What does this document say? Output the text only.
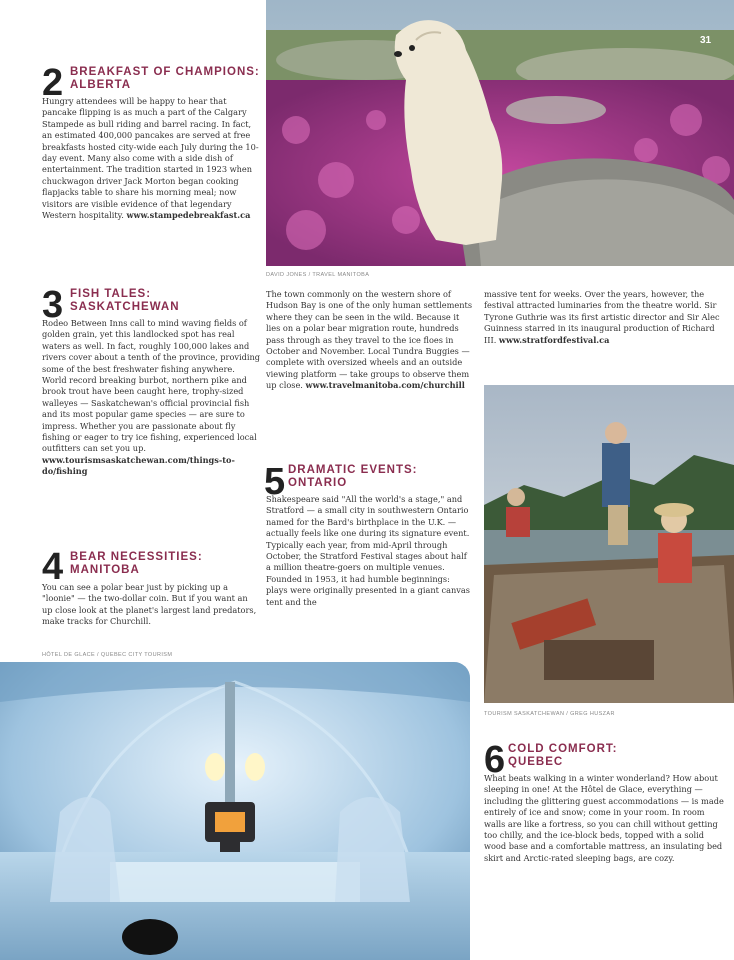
31
DAVID JONES / TRAVEL MANITOBA
2 BREAKFAST OF CHAMPIONS:
ALBERTA

Hungry attendees will be happy to hear that pancake flipping is as much a part of the Calgary Stampede as bull riding and barrel racing. In fact, an estimated 400,000 pancakes are served at free breakfasts hosted city-wide each July during the 10-day event. Many also come with a side dish of entertainment. The tradition started in 1923 when chuckwagon driver Jack Morton began cooking flapjacks table to share his morning meal; now visitors are visible evidence of that legendary Western hospitality. www.stampedebreakfast.ca

3 FISH TALES:
SASKATCHEWAN

Rodeo Between Inns call to mind waving fields of golden grain, yet this landlocked spot has real waters as well. In fact, roughly 100,000 lakes and rivers cover about a tenth of the province, providing some of the best freshwater fishing anywhere. World record breaking burbot, northern pike and brook trout have been caught here, trophy-sized walleyes — Saskatchewan's official provincial fish and its most popular game species — are sure to impress. Whether you are passionate about fly fishing or eager to try ice fishing, experienced local outfitters can set you up. www.tourismsaskatchewan.com/things-to-do/fishing

4 BEAR NECESSITIES:
MANITOBA

You can see a polar bear just by picking up a "loonie" — the two-dollar coin. But if you want an up close look at the planet's largest land predators, make tracks for Churchill.

The town commonly on the western shore of Hudson Bay is one of the only human settlements where they can be seen in the wild. Because it lies on a polar bear migration route, hundreds pass through as they travel to the ice floes in October and November. Local Tundra Buggies — complete with oversized wheels and an outside viewing platform — take groups to observe them up close. www.travelmanitoba.com/churchill

5 DRAMATIC EVENTS:
ONTARIO

Shakespeare said "All the world's a stage," and Stratford — a small city in southwestern Ontario named for the Bard's birthplace in the U.K. — actually feels like one during its signature event. Typically each year, from mid-April through October, the Stratford Festival stages about half a million theatre-goers on multiple venues. Founded in 1953, it had humble beginnings: plays were originally presented in a giant canvas tent and the

massive tent for weeks. Over the years, however, the festival attracted luminaries from the theatre world. Sir Tyrone Guthrie was its first artistic director and Sir Alec Guinness starred in its inaugural production of Richard III. www.stratfordfestival.ca

TOURISM SASKATCHEWAN / GREG HUSZAR
6 COLD COMFORT:
QUEBEC

What beats walking in a winter wonderland? How about sleeping in one! At the Hôtel de Glace, everything — including the glittering guest accommodations — is made entirely of ice and snow; come in your room. In room walls are like a fortress, so you can chill without getting too chilly, and the ice-block beds, topped with a solid wood base and a comfortable mattress, an insulating bed skirt and Arctic-rated sleeping bags, are cozy.

HÔTEL DE GLACE / QUEBEC CITY TOURISM
